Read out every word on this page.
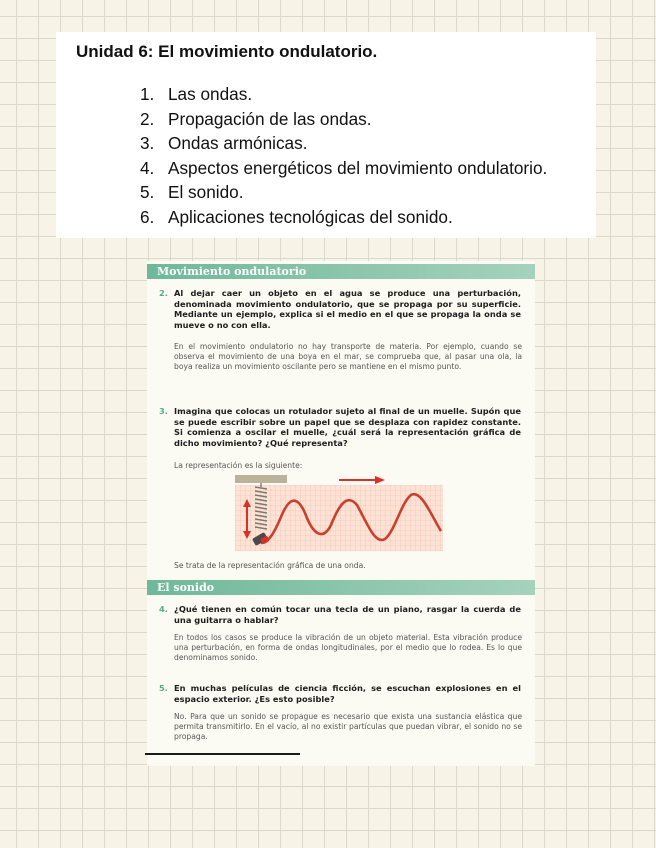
Unidad 6: El movimiento ondulatorio.
1. Las ondas.
2. Propagación de las ondas.
3. Ondas armónicas.
4. Aspectos energéticos del movimiento ondulatorio.
5. El sonido.
6. Aplicaciones tecnológicas del sonido.
Movimiento ondulatorio
2. Al dejar caer un objeto en el agua se produce una perturbación, denominada movimiento ondulatorio, que se propaga por su superficie. Mediante un ejemplo, explica si el medio en el que se propaga la onda se mueve o no con ella.
En el movimiento ondulatorio no hay transporte de materia. Por ejemplo, cuando se observa el movimiento de una boya en el mar, se comprueba que, al pasar una ola, la boya realiza un movimiento oscilante pero se mantiene en el mismo punto.
3. Imagina que colocas un rotulador sujeto al final de un muelle. Supón que se puede escribir sobre un papel que se desplaza con rapidez constante. Si comienza a oscilar el muelle, ¿cuál será la representación gráfica de dicho movimiento? ¿Qué representa?
La representación es la siguiente:
Se trata de la representación gráfica de una onda.
El sonido
4. ¿Qué tienen en común tocar una tecla de un piano, rasgar la cuerda de una guitarra o hablar?
En todos los casos se produce la vibración de un objeto material. Esta vibración produce una perturbación, en forma de ondas longitudinales, por el medio que lo rodea. Es lo que denominamos sonido.
5. En muchas películas de ciencia ficción, se escuchan explosiones en el espacio exterior. ¿Es esto posible?
No. Para que un sonido se propague es necesario que exista una sustancia elástica que permita transmitirlo. En el vacío, al no existir partículas que puedan vibrar, el sonido no se propaga.
